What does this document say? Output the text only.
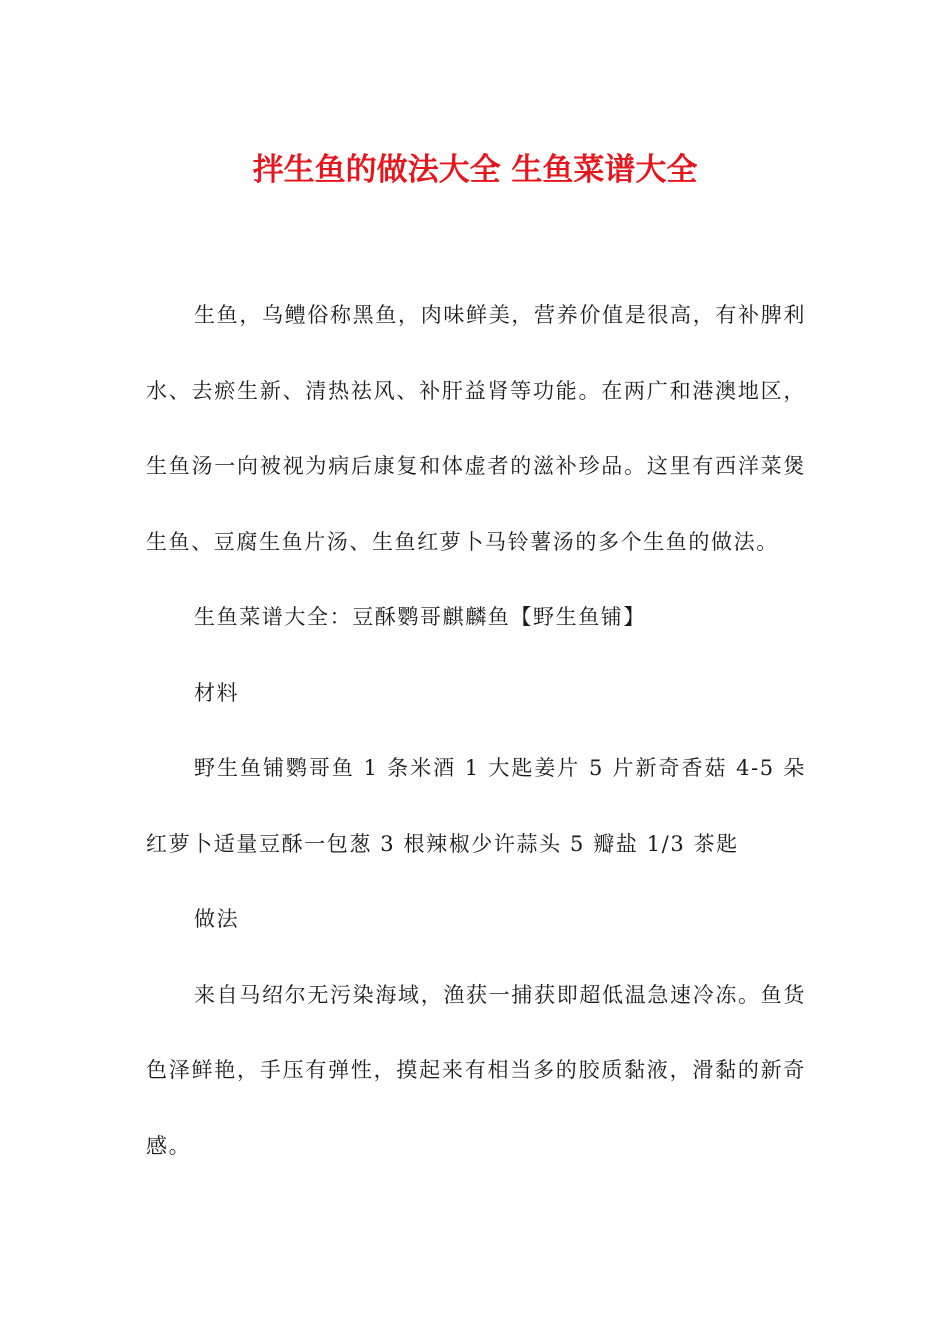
拌生鱼的做法大全 生鱼菜谱大全

生鱼，乌鳢俗称黑鱼，肉味鲜美，营养价值是很高，有补脾利水、去瘀生新、清热祛风、补肝益肾等功能。在两广和港澳地区，生鱼汤一向被视为病后康复和体虚者的滋补珍品。这里有西洋菜煲生鱼、豆腐生鱼片汤、生鱼红萝卜马铃薯汤的多个生鱼的做法。

生鱼菜谱大全：豆酥鹦哥麒麟鱼【野生鱼铺】

材料

野生鱼铺鹦哥鱼 1 条米酒 1 大匙姜片 5 片新奇香菇 4-5 朵红萝卜适量豆酥一包葱 3 根辣椒少许蒜头 5 瓣盐 1/3 茶匙

做法

来自马绍尔无污染海域，渔获一捕获即超低温急速冷冻。鱼货色泽鲜艳，手压有弹性，摸起来有相当多的胶质黏液，滑黏的新奇感。
